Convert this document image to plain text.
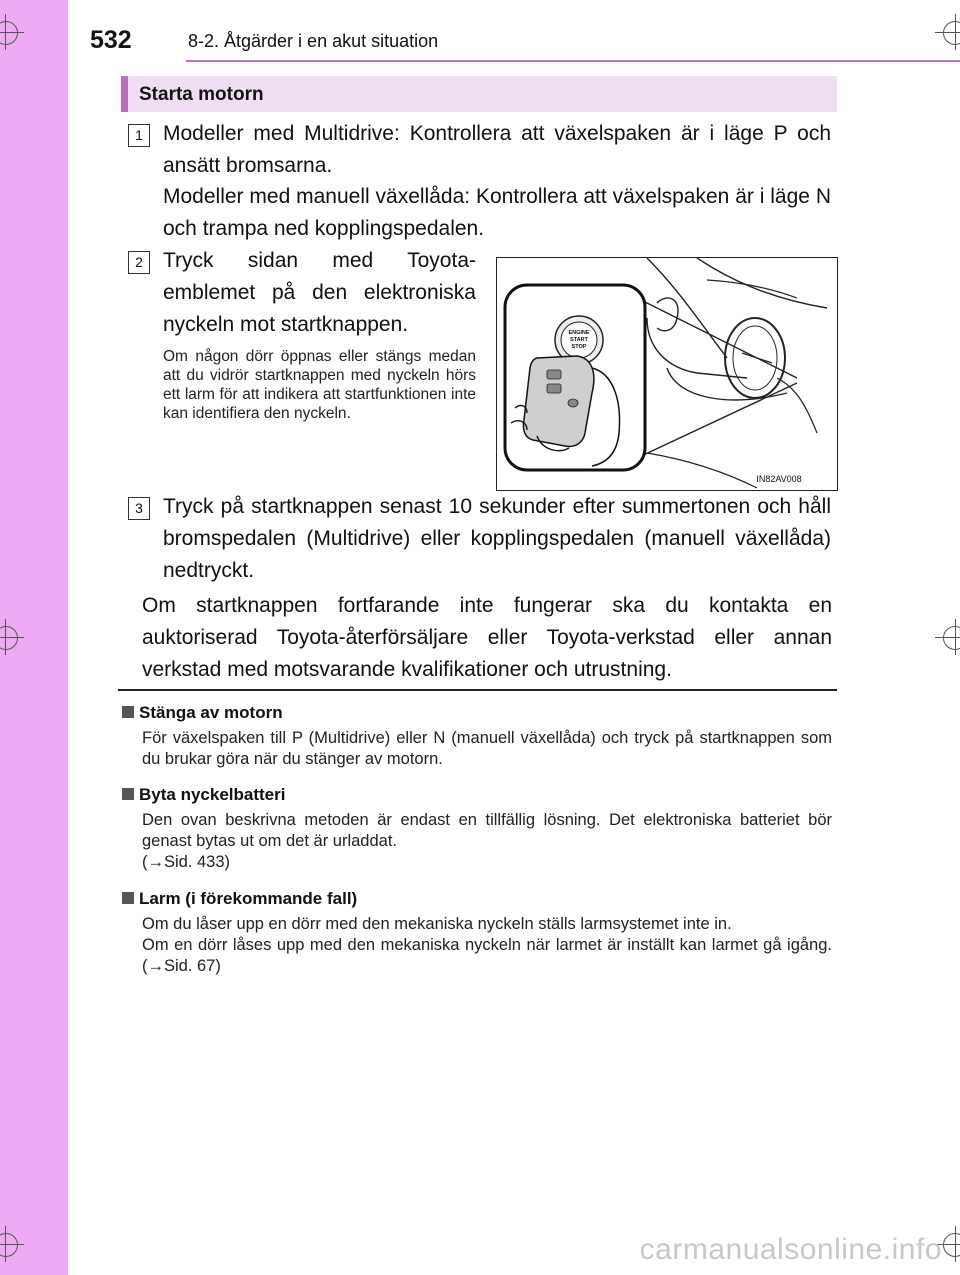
532	8-2. Åtgärder i en akut situation
Starta motorn
1 Modeller med Multidrive: Kontrollera att växelspaken är i läge P och ansätt bromsarna.
Modeller med manuell växellåda: Kontrollera att växelspaken är i läge N och trampa ned kopplingspedalen.
2 Tryck sidan med Toyota-emblemet på den elektroniska nyckeln mot startknappen.
Om någon dörr öppnas eller stängs medan att du vidrör startknappen med nyckeln hörs ett larm för att indikera att startfunktionen inte kan identifiera den nyckeln.
ENGINE
START
STOP
IN82AV008
3 Tryck på startknappen senast 10 sekunder efter summertonen och håll bromspedalen (Multidrive) eller kopplingspedalen (manuell växellåda) nedtryckt.
Om startknappen fortfarande inte fungerar ska du kontakta en auktoriserad Toyota-återförsäljare eller Toyota-verkstad eller annan verkstad med motsvarande kvalifikationer och utrustning.
Stänga av motorn
För växelspaken till P (Multidrive) eller N (manuell växellåda) och tryck på startknappen som du brukar göra när du stänger av motorn.
Byta nyckelbatteri
Den ovan beskrivna metoden är endast en tillfällig lösning. Det elektroniska batteriet bör genast bytas ut om det är urladdat.
(→Sid. 433)
Larm (i förekommande fall)
Om du låser upp en dörr med den mekaniska nyckeln ställs larmsystemet inte in.
Om en dörr låses upp med den mekaniska nyckeln när larmet är inställt kan larmet gå igång. (→Sid. 67)
carmanualsonline.info
